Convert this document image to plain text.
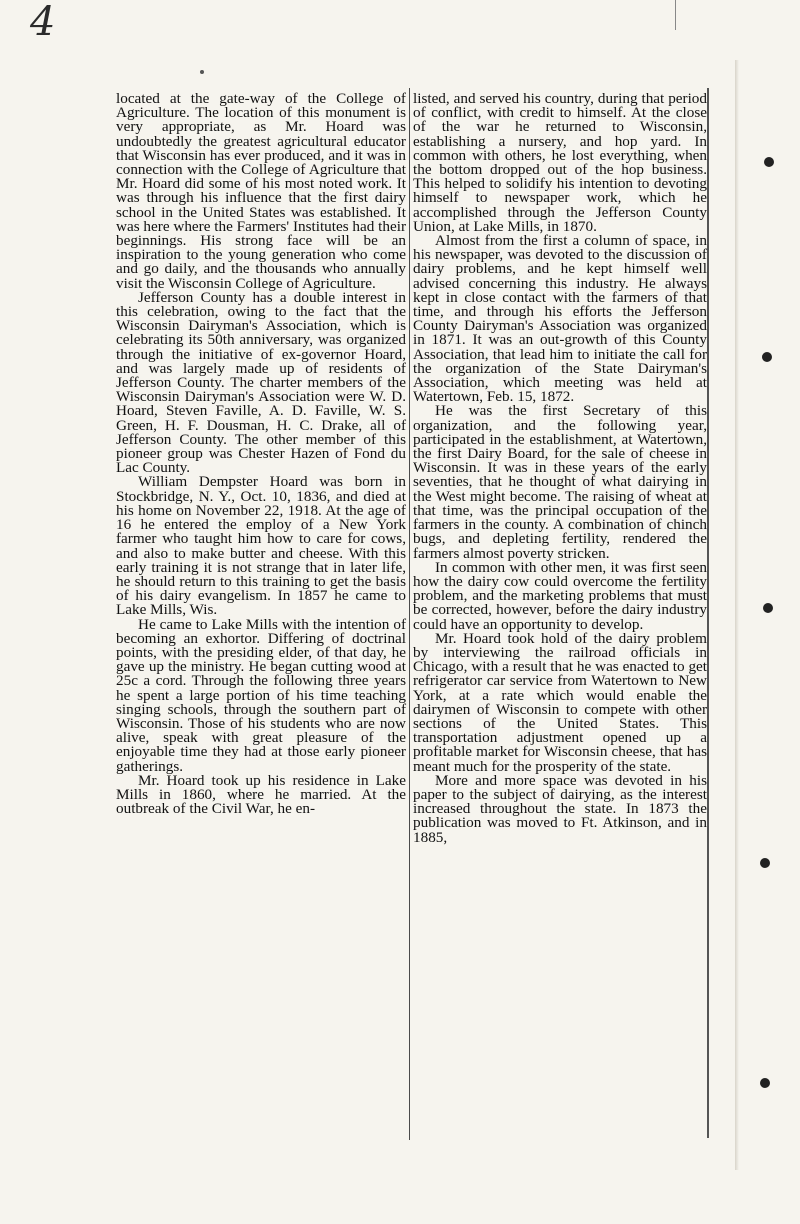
4

located at the gate-way of the College of Agriculture. The location of this monument is very appropriate, as Mr. Hoard was undoubtedly the greatest agricultural educator that Wisconsin has ever produced, and it was in connection with the College of Agriculture that Mr. Hoard did some of his most noted work. It was through his influence that the first dairy school in the United States was established. It was here where the Farmers' Institutes had their beginnings. His strong face will be an inspiration to the young generation who come and go daily, and the thousands who annually visit the Wisconsin College of Agriculture.

Jefferson County has a double interest in this celebration, owing to the fact that the Wisconsin Dairyman's Association, which is celebrating its 50th anniversary, was organized through the initiative of ex-governor Hoard, and was largely made up of residents of Jefferson County. The charter members of the Wisconsin Dairyman's Association were W. D. Hoard, Steven Faville, A. D. Faville, W. S. Green, H. F. Dousman, H. C. Drake, all of Jefferson County. The other member of this pioneer group was Chester Hazen of Fond du Lac County.

William Dempster Hoard was born in Stockbridge, N. Y., Oct. 10, 1836, and died at his home on November 22, 1918. At the age of 16 he entered the employ of a New York farmer who taught him how to care for cows, and also to make butter and cheese. With this early training it is not strange that in later life, he should return to this training to get the basis of his dairy evangelism. In 1857 he came to Lake Mills, Wis.

He came to Lake Mills with the intention of becoming an exhortor. Differing of doctrinal points, with the presiding elder, of that day, he gave up the ministry. He began cutting wood at 25c a cord. Through the following three years he spent a large portion of his time teaching singing schools, through the southern part of Wisconsin. Those of his students who are now alive, speak with great pleasure of the enjoyable time they had at those early pioneer gatherings.

Mr. Hoard took up his residence in Lake Mills in 1860, where he married. At the outbreak of the Civil War, he en-

listed, and served his country, during that period of conflict, with credit to himself. At the close of the war he returned to Wisconsin, establishing a nursery, and hop yard. In common with others, he lost everything, when the bottom dropped out of the hop business. This helped to solidify his intention to devoting himself to newspaper work, which he accomplished through the Jefferson County Union, at Lake Mills, in 1870.

Almost from the first a column of space, in his newspaper, was devoted to the discussion of dairy problems, and he kept himself well advised concerning this industry. He always kept in close contact with the farmers of that time, and through his efforts the Jefferson County Dairyman's Association was organized in 1871. It was an out-growth of this County Association, that lead him to initiate the call for the organization of the State Dairyman's Association, which meeting was held at Watertown, Feb. 15, 1872.

He was the first Secretary of this organization, and the following year, participated in the establishment, at Watertown, the first Dairy Board, for the sale of cheese in Wisconsin. It was in these years of the early seventies, that he thought of what dairying in the West might become. The raising of wheat at that time, was the principal occupation of the farmers in the county. A combination of chinch bugs, and depleting fertility, rendered the farmers almost poverty stricken.

In common with other men, it was first seen how the dairy cow could overcome the fertility problem, and the marketing problems that must be corrected, however, before the dairy industry could have an opportunity to develop.

Mr. Hoard took hold of the dairy problem by interviewing the railroad officials in Chicago, with a result that he was enacted to get refrigerator car service from Watertown to New York, at a rate which would enable the dairymen of Wisconsin to compete with other sections of the United States. This transportation adjustment opened up a profitable market for Wisconsin cheese, that has meant much for the prosperity of the state.

More and more space was devoted in his paper to the subject of dairying, as the interest increased throughout the state. In 1873 the publication was moved to Ft. Atkinson, and in 1885,
